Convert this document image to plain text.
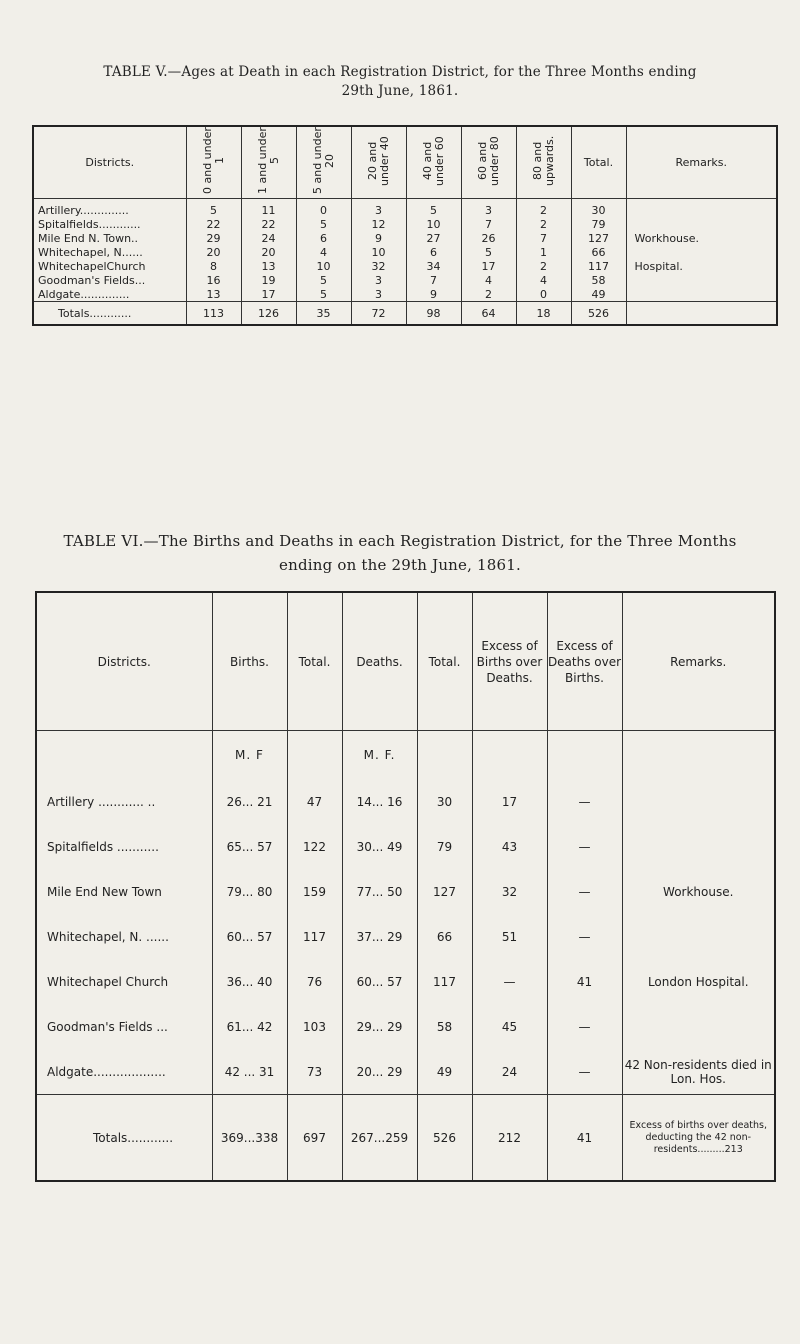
TABLE V.—Ages at Death in each Registration District, for the Three Months ending
29th June, 1861.
Districts.	0 and under 1	1 and under 5	5 and under 20	20 and under 40	40 and under 60	60 and under 80	80 and upwards.	Total.	Remarks.
Artillery..............	5	11	0	3	5	3	2	30	
Spitalfields............	22	22	5	12	10	7	2	79	
Mile End N. Town..	29	24	6	9	27	26	7	127	Workhouse.
Whitechapel, N......	20	20	4	10	6	5	1	66	
WhitechapelChurch	8	13	10	32	34	17	2	117	Hospital.
Goodman's Fields...	16	19	5	3	7	4	4	58	
Aldgate..............	13	17	5	3	9	2	0	49	
Totals............	113	126	35	72	98	64	18	526	
TABLE VI.—The Births and Deaths in each Registration District, for the Three Months
ending on the 29th June, 1861.
Districts.	Births.	Total.	Deaths.	Total.	Excess of Births over Deaths.	Excess of Deaths over Births.	Remarks.
	M. F		M. F.				
Artillery ............ ..	26... 21	47	14... 16	30	17	—	
Spitalfields ...........	65... 57	122	30... 49	79	43	—	
Mile End New Town	79... 80	159	77... 50	127	32	—	Workhouse.
Whitechapel, N. ......	60... 57	117	37... 29	66	51	—	
Whitechapel Church	36... 40	76	60... 57	117	—	41	London Hospital.
Goodman's Fields ...	61... 42	103	29... 29	58	45	—	
Aldgate...................	42 ... 31	73	20... 29	49	24	—	42 Non-residents died in Lon. Hos.
Totals............	369...338	697	267...259	526	212	41	Excess of births over deaths, deducting the 42 non-residents.........213
